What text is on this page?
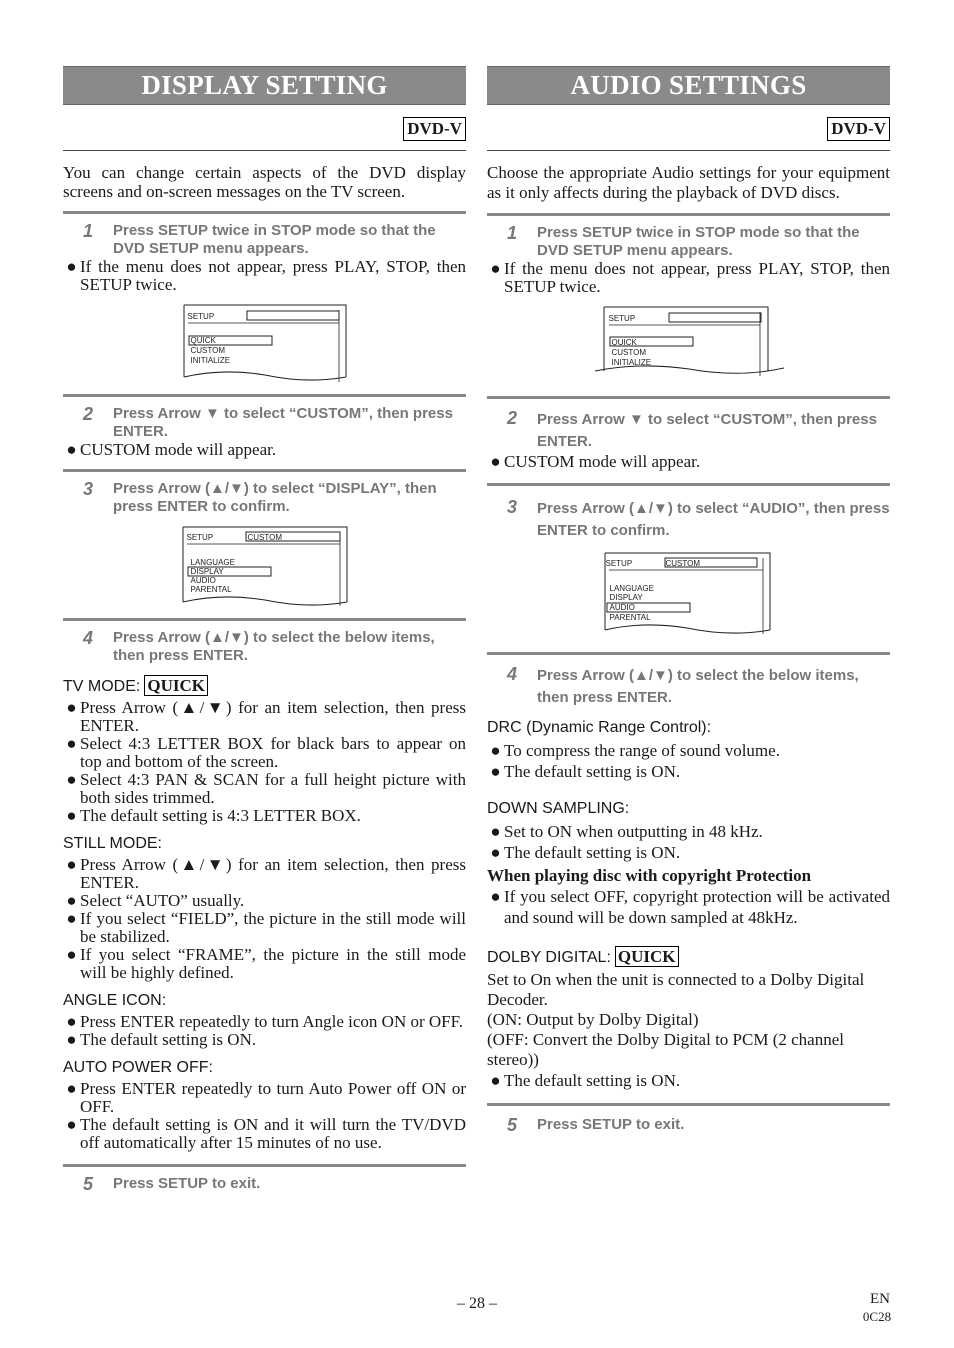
DISPLAY SETTING
DVD-V
You can change certain aspects of the DVD display screens and on-screen messages on the TV screen.
1	Press SETUP twice in STOP mode so that the DVD SETUP menu appears.
● If the menu does not appear, press PLAY, STOP, then SETUP twice.
SETUP
QUICK
CUSTOM
INITIALIZE
2	Press Arrow ▼ to select “CUSTOM”, then press ENTER.
● CUSTOM mode will appear.
3	Press Arrow (▲/▼) to select “DISPLAY”, then press ENTER to confirm.
SETUP	CUSTOM
LANGUAGE
DISPLAY
AUDIO
PARENTAL
4	Press Arrow (▲/▼) to select the below items, then press ENTER.
TV MODE: QUICK
● Press Arrow (▲/▼) for an item selection, then press ENTER.
● Select 4:3 LETTER BOX for black bars to appear on top and bottom of the screen.
● Select 4:3 PAN & SCAN for a full height picture with both sides trimmed.
● The default setting is 4:3 LETTER BOX.
STILL MODE:
● Press Arrow (▲/▼) for an item selection, then press ENTER.
● Select “AUTO” usually.
● If you select “FIELD”, the picture in the still mode will be stabilized.
● If you select “FRAME”, the picture in the still mode will be highly defined.
ANGLE ICON:
● Press ENTER repeatedly to turn Angle icon ON or OFF.
● The default setting is ON.
AUTO POWER OFF:
● Press ENTER repeatedly to turn Auto Power off ON or OFF.
● The default setting is ON and it will turn the TV/DVD off automatically after 15 minutes of no use.
5	Press SETUP to exit.
AUDIO SETTINGS
DVD-V
Choose the appropriate Audio settings for your equipment as it only affects during the playback of DVD discs.
1	Press SETUP twice in STOP mode so that the DVD SETUP menu appears.
● If the menu does not appear, press PLAY, STOP, then SETUP twice.
SETUP
QUICK
CUSTOM
INITIALIZE
2	Press Arrow ▼ to select “CUSTOM”, then press ENTER.
● CUSTOM mode will appear.
3	Press Arrow (▲/▼) to select “AUDIO”, then press ENTER to confirm.
SETUP	CUSTOM
LANGUAGE
DISPLAY
AUDIO
PARENTAL
4	Press Arrow (▲/▼) to select the below items, then press ENTER.
DRC (Dynamic Range Control):
● To compress the range of sound volume.
● The default setting is ON.
DOWN SAMPLING:
● Set to ON when outputting in 48 kHz.
● The default setting is ON.
When playing disc with copyright Protection
● If you select OFF, copyright protection will be activated and sound will be down sampled at 48kHz.
DOLBY DIGITAL: QUICK
Set to On when the unit is connected to a Dolby Digital Decoder.
(ON: Output by Dolby Digital)
(OFF: Convert the Dolby Digital to PCM (2 channel stereo))
● The default setting is ON.
5	Press SETUP to exit.
– 28 –	EN
0C28
